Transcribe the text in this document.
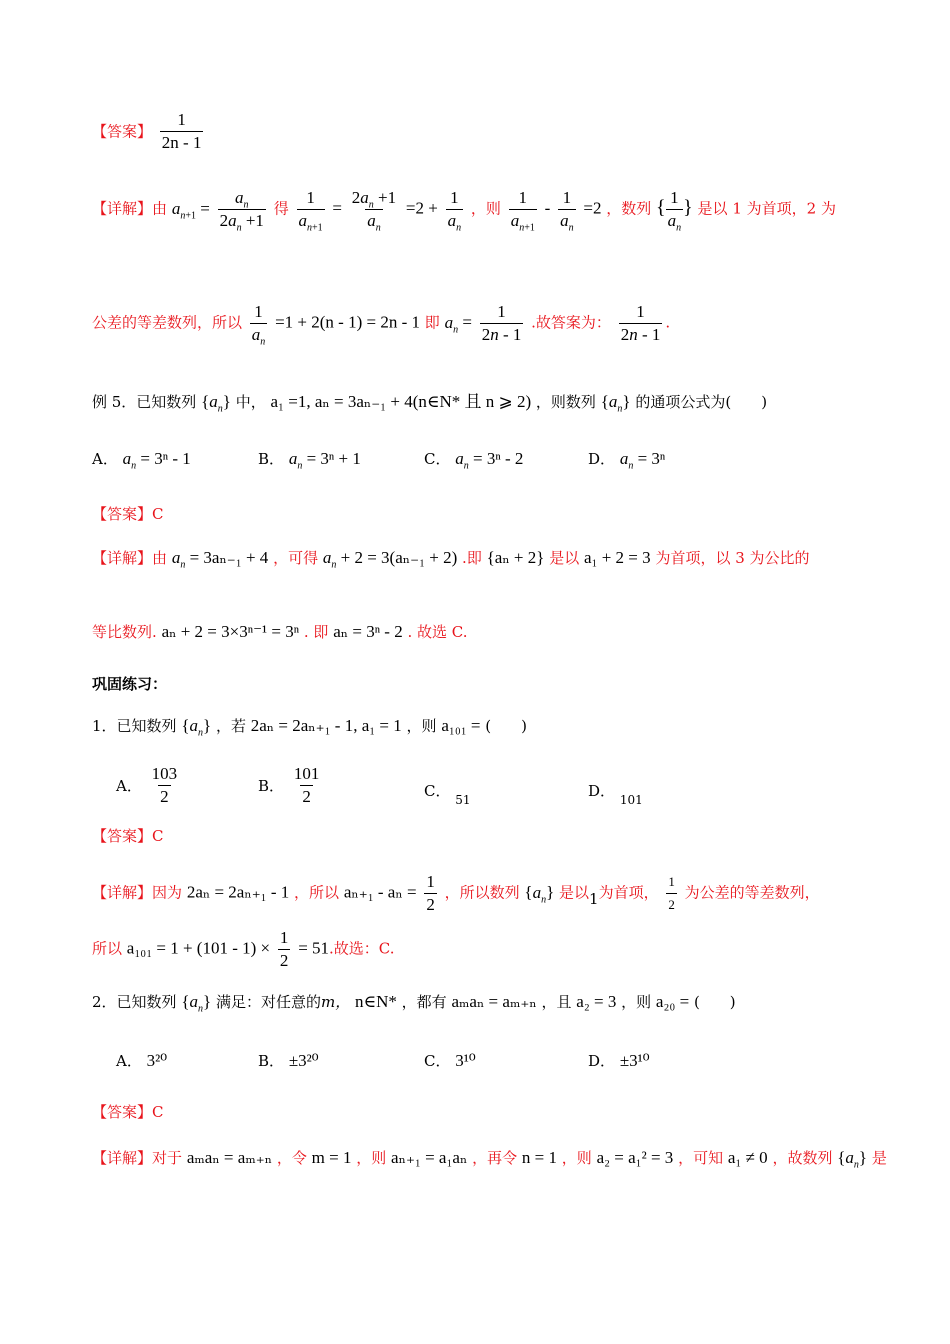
【答案】 $\frac{1}{2n - 1}$
【详解】由 $a_{n+1} = \frac{a_n}{2a_n +1}$ 得 $\frac{1}{a_{n+1}} = \frac{2a_n +1}{a_n} =2 + \frac{1}{a_n}$ ，则 $\frac{1}{a_{n+1}} - \frac{1}{a_n} =2$ ，数列 { $\frac{1}{a_n}$ } 是以 1 为首项，2 为
公差的等差数列，所以 $\frac{1}{a_n} =1 + 2(n - 1) = 2n - 1$ 即 $a_n = \frac{1}{2n - 1}$ .故答案为： $\frac{1}{2n - 1}$ .
例 5．已知数列 $\{a_n\}$ 中， a₁ =1, aₙ = 3aₙ₋₁ + 4(n∈N* 且 n ⩾ 2) ，则数列 $\{a_n\}$ 的通项公式为(　　)
A． $a_n = 3^n - 1$	B． $a_n = 3^n + 1$	C． $a_n = 3^n - 2$	D． $a_n = 3^n$
【答案】C
【详解】由 $a_n = 3a_{n-1} + 4$ ，可得 $a_n + 2 = 3(a_{n-1} + 2)$ .即 {aₙ + 2} 是以 a₁ + 2 = 3 为首项，以 3 为公比的
等比数列. aₙ + 2 = 3×3ⁿ⁻¹ = 3ⁿ . 即 aₙ = 3ⁿ - 2 . 故选 C.
巩固练习：
1．已知数列 $\{a_n\}$ ，若 2aₙ = 2aₙ₊₁ - 1, a₁ = 1 ，则 a₁₀₁ = (　　)
A． $\frac{103}{2}$	B． $\frac{101}{2}$	C． $_{51}$	D． $_{101}$
【答案】C
【详解】因为 2aₙ = 2aₙ₊₁ - 1 ，所以 $a_{n+1} - a_n = \frac{1}{2}$ ，所以数列 $\{a_n\}$ 是以1为首项， $\frac{1}{2}$ 为公差的等差数列，
所以 $a_{101} = 1 + (101 - 1) \times \frac{1}{2} = 51$.故选：C.
2．已知数列 $\{a_n\}$ 满足：对任意的m， n∈N* ，都有 aₘaₙ = aₘ₊ₙ ，且 a₂ = 3 ，则 a₂₀ = (　　)
A． 3²⁰	B． ±3²⁰	C． 3¹⁰	D． ±3¹⁰
【答案】C
【详解】对于 aₘaₙ = aₘ₊ₙ ，令 m = 1 ，则 aₙ₊₁ = a₁aₙ ，再令 n = 1 ，则 a₂ = a₁² = 3 ，可知 a₁ ≠ 0 ，故数列 $\{a_n\}$ 是
